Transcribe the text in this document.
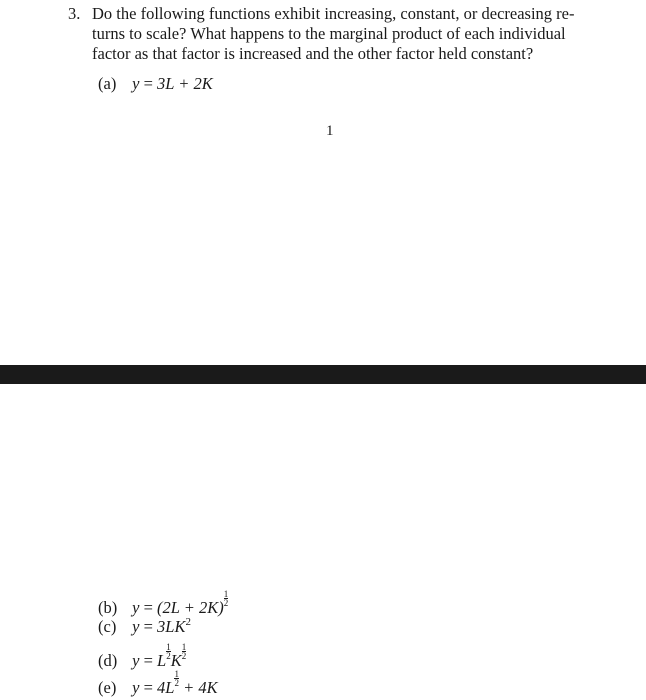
3. Do the following functions exhibit increasing, constant, or decreasing re-
turns to scale? What happens to the marginal product of each individual
factor as that factor is increased and the other factor held constant?
(a) y = 3L + 2K
1
(b) y = (2L + 2K) $^{\frac{1}{2}}$
(c) $y = 3LK^2$
(d) y = L $^{\frac{1}{2}}$ K $^{\frac{1}{2}}$
(e) y = 4L $^{\frac{1}{2}}$ + 4K
